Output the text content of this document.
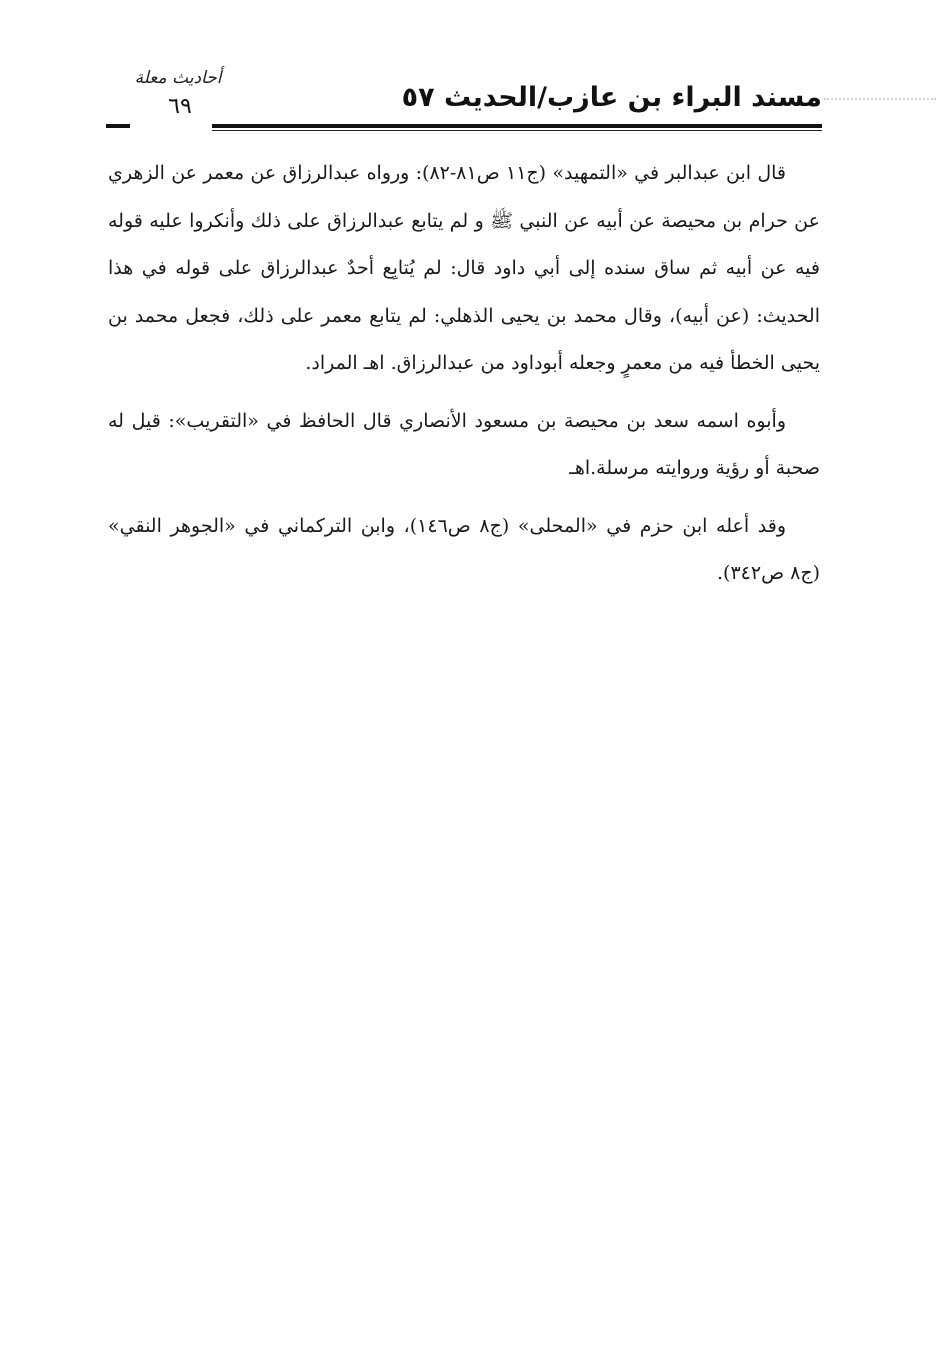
مسند البراء بن عازب/الحديث ٥٧
أحاديث معلة
٦٩

قال ابن عبدالبر في «التمهيد» (ج١١ ص٨١-٨٢): ورواه عبدالرزاق عن معمر عن الزهري عن حرام بن محيصة عن أبيه عن النبي ﷺ و لم يتابع عبدالرزاق على ذلك وأنكروا عليه قوله فيه عن أبيه ثم ساق سنده إلى أبي داود قال: لم يُتابِع أحدٌ عبدالرزاق على قوله في هذا الحديث: (عن أبيه)، وقال محمد بن يحيى الذهلي: لم يتابع معمر على ذلك، فجعل محمد بن يحيى الخطأ فيه من معمرٍ وجعله أبوداود من عبدالرزاق. اهـ المراد.

وأبوه اسمه سعد بن محيصة بن مسعود الأنصاري قال الحافظ في «التقريب»: قيل له صحبة أو رؤية وروايته مرسلة.اهـ

وقد أعله ابن حزم في «المحلى» (ج٨ ص١٤٦)، وابن التركماني في «الجوهر النقي» (ج٨ ص٣٤٢).
